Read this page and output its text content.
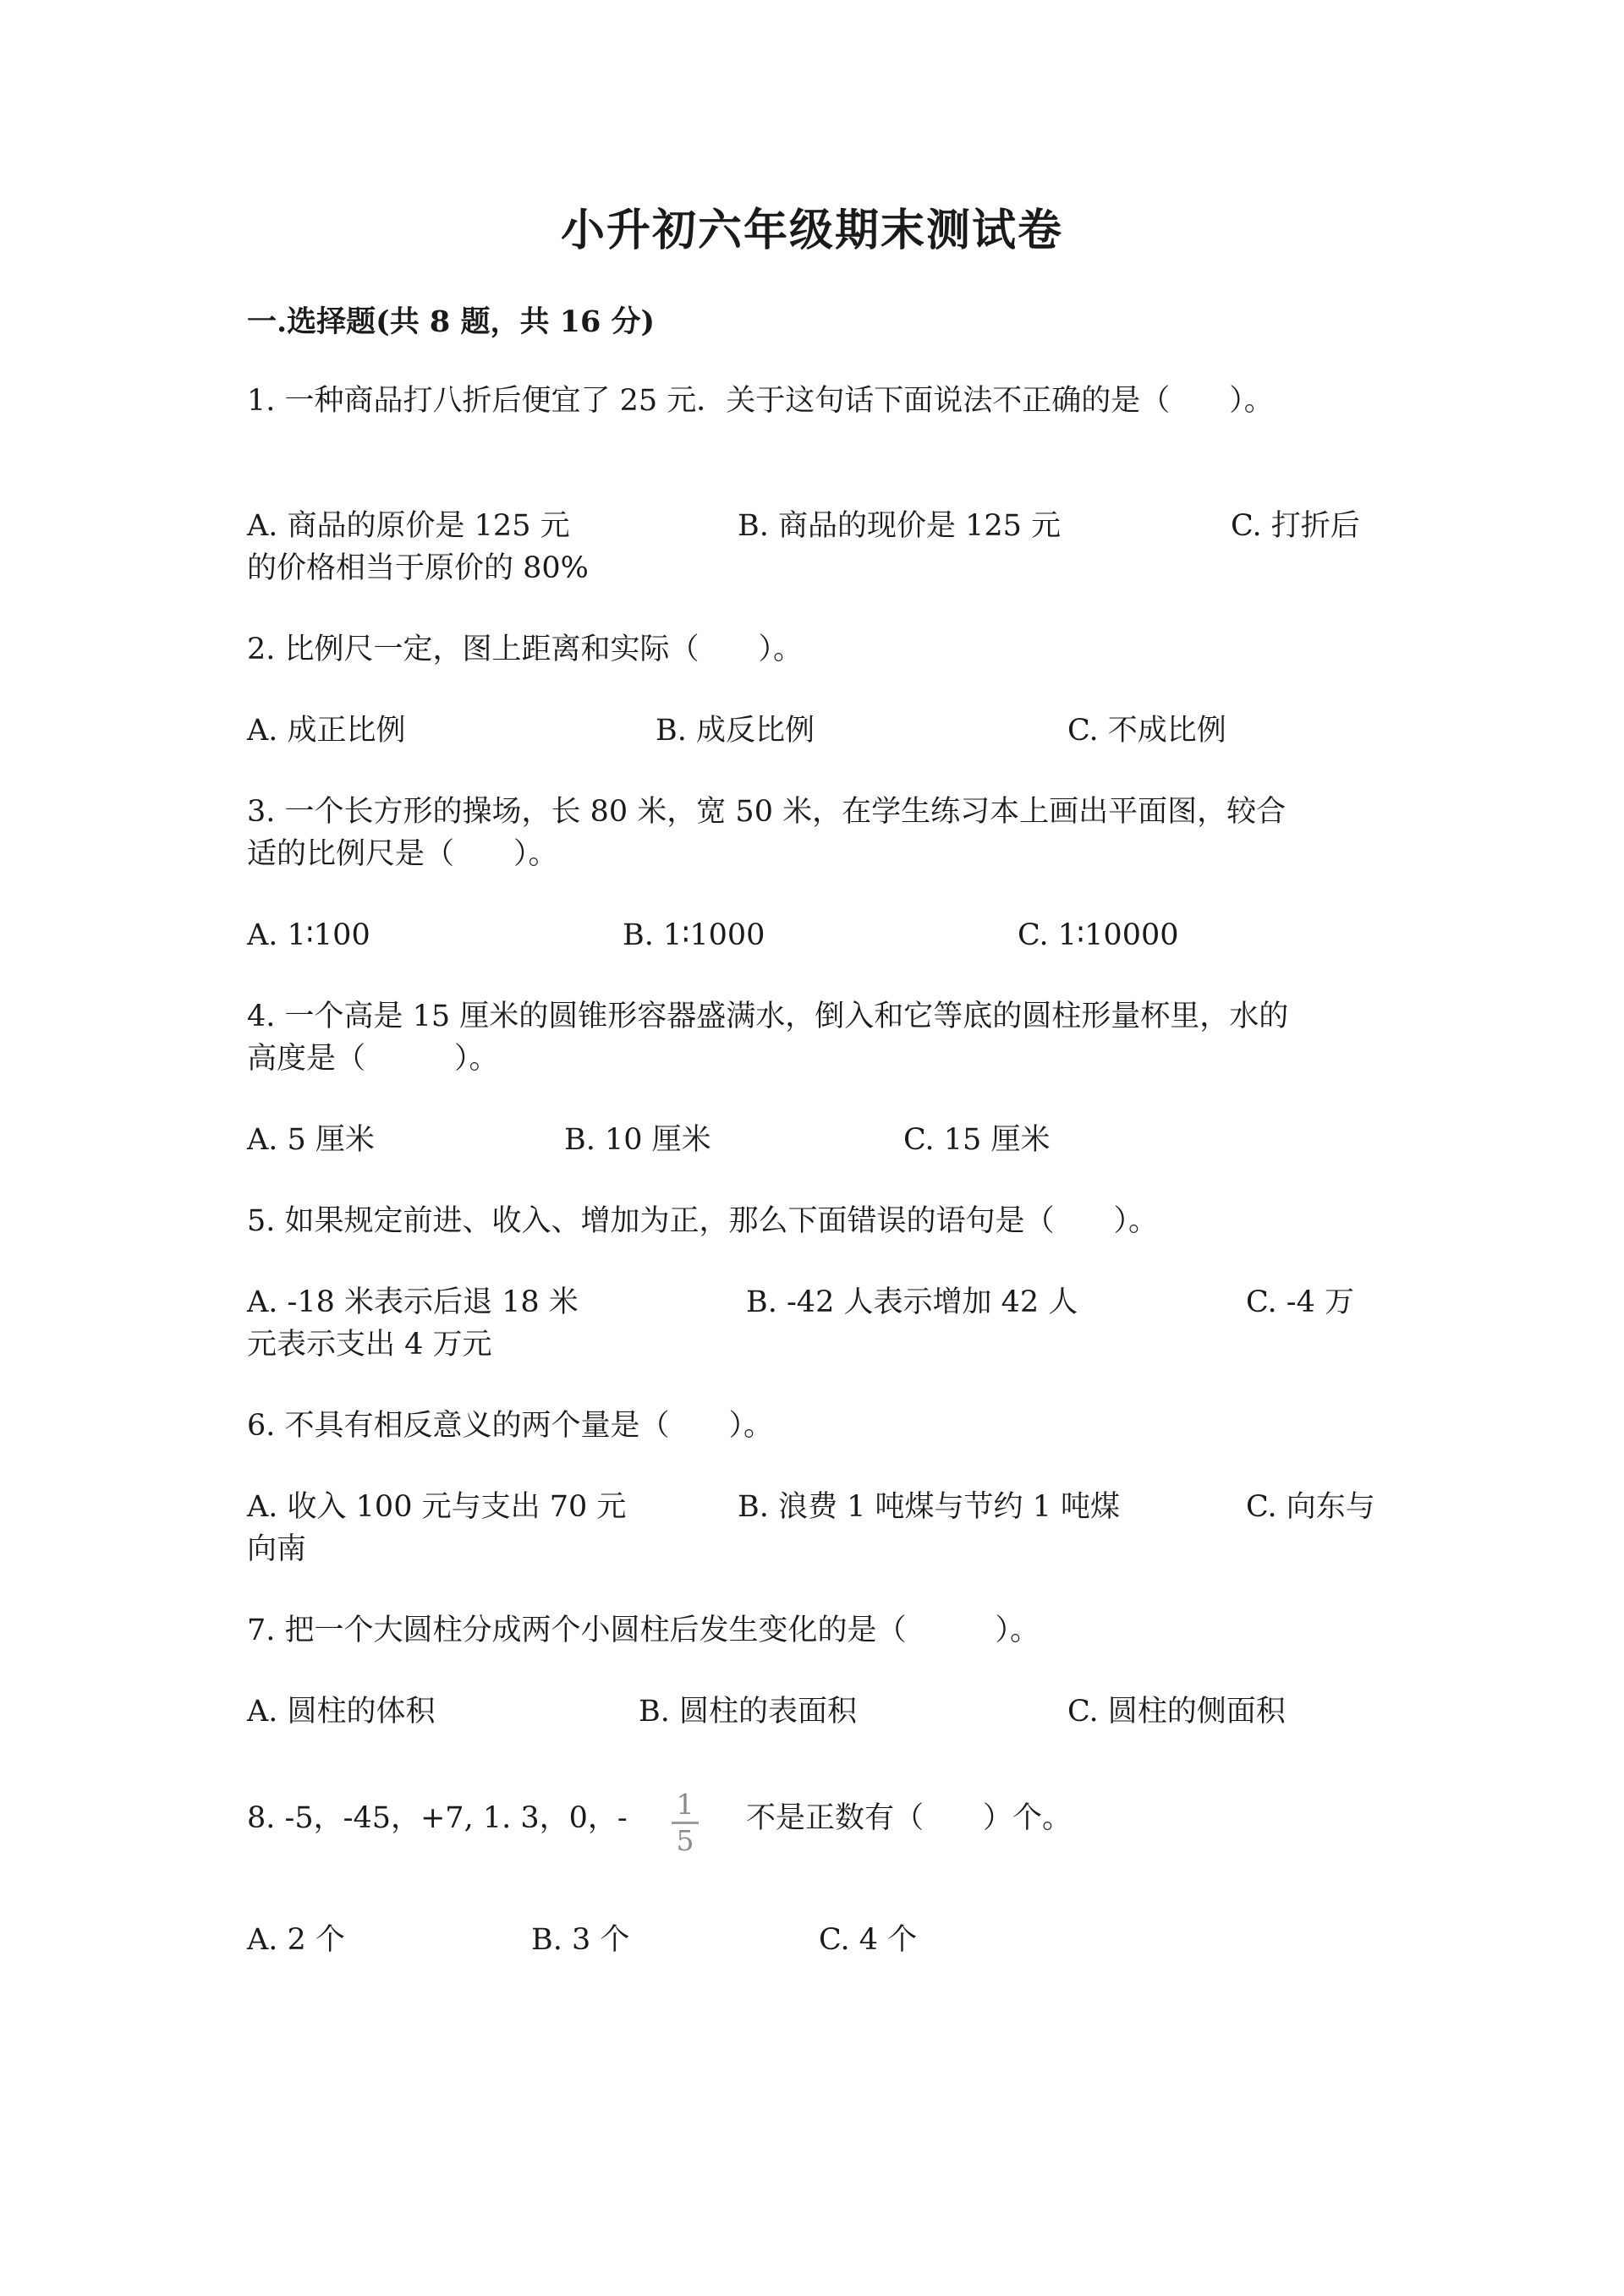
小升初六年级期末测试卷
一.选择题(共 8 题，共 16 分)
1. 一种商品打八折后便宜了 25 元．关于这句话下面说法不正确的是（　　）。
A. 商品的原价是 125 元	B. 商品的现价是 125 元	C. 打折后
的价格相当于原价的 80%
2. 比例尺一定，图上距离和实际（　　）。
A. 成正比例	B. 成反比例	C. 不成比例
3. 一个长方形的操场，长 80 米，宽 50 米，在学生练习本上画出平面图，较合
适的比例尺是（　　）。
A. 1∶100	B. 1∶1000	C. 1∶10000
4. 一个高是 15 厘米的圆锥形容器盛满水，倒入和它等底的圆柱形量杯里，水的
高度是（　　　）。
A. 5 厘米	B. 10 厘米	C. 15 厘米
5. 如果规定前进、收入、增加为正，那么下面错误的语句是（　　）。
A. -18 米表示后退 18 米	B. -42 人表示增加 42 人	C. -4 万
元表示支出 4 万元
6. 不具有相反意义的两个量是（　　）。
A. 收入 100 元与支出 70 元	B. 浪费 1 吨煤与节约 1 吨煤	C. 向东与
向南
7. 把一个大圆柱分成两个小圆柱后发生变化的是（　　　）。
A. 圆柱的体积	B. 圆柱的表面积	C. 圆柱的侧面积
8. -5，-45，+7, 1. 3，0，- 1
5
不是正数有（　　）个。
A. 2 个	B. 3 个	C. 4 个
